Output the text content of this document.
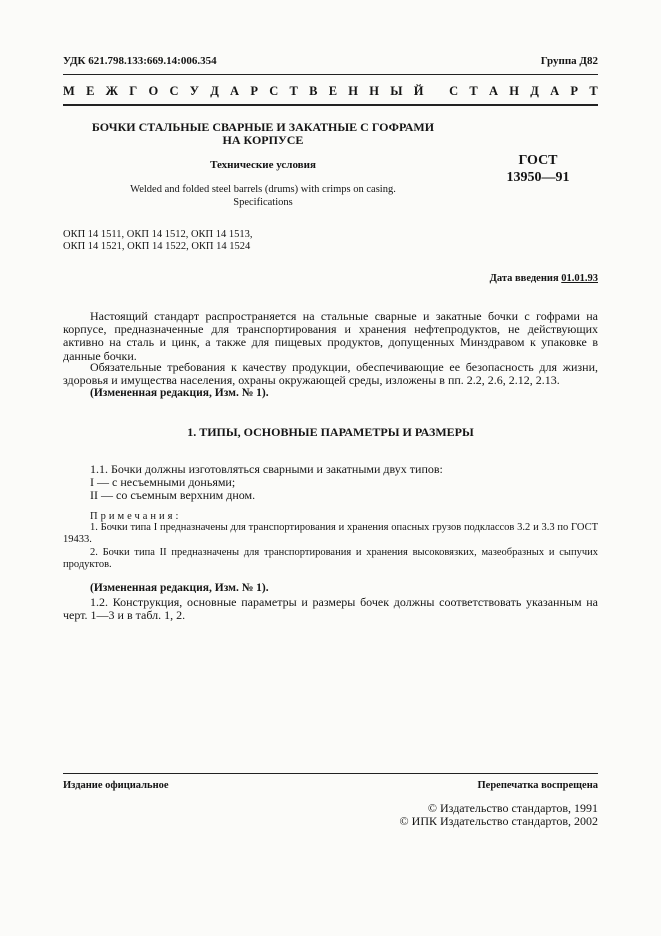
УДК 621.798.133:669.14:006.354	Группа Д82
М Е Ж Г О С У Д А Р С Т В Е Н Н Ы Й
С Т А Н Д А Р Т
БОЧКИ СТАЛЬНЫЕ СВАРНЫЕ И ЗАКАТНЫЕ С ГОФРАМИ
НА КОРПУСЕ
Технические условия
Welded and folded steel barrels (drums) with crimps on casing.
Specifications
ГОСТ
13950—91
ОКП 14 1511, ОКП 14 1512, ОКП 14 1513,
ОКП 14 1521, ОКП 14 1522, ОКП 14 1524
Дата введения 01.01.93
Настоящий стандарт распространяется на стальные сварные и закатные бочки с гофрами на корпусе, предназначенные для транспортирования и хранения нефтепродуктов, не действующих активно на сталь и цинк, а также для пищевых продуктов, допущенных Минздравом к упаковке в данные бочки.
Обязательные требования к качеству продукции, обеспечивающие ее безопасность для жизни, здоровья и имущества населения, охраны окружающей среды, изложены в пп. 2.2, 2.6, 2.12, 2.13.
(Измененная редакция, Изм. № 1).
1. ТИПЫ, ОСНОВНЫЕ ПАРАМЕТРЫ И РАЗМЕРЫ
1.1. Бочки должны изготовляться сварными и закатными двух типов:
I — с несъемными доньями;
II — со съемным верхним дном.
Примечания:
1. Бочки типа I предназначены для транспортирования и хранения опасных грузов подклассов 3.2 и 3.3 по ГОСТ 19433.
2. Бочки типа II предназначены для транспортирования и хранения высоковязких, мазеобразных и сыпучих продуктов.
(Измененная редакция, Изм. № 1).
1.2. Конструкция, основные параметры и размеры бочек должны соответствовать указанным на черт. 1—3 и в табл. 1, 2.
Издание официальное	Перепечатка воспрещена
© Издательство стандартов, 1991
© ИПК Издательство стандартов, 2002
